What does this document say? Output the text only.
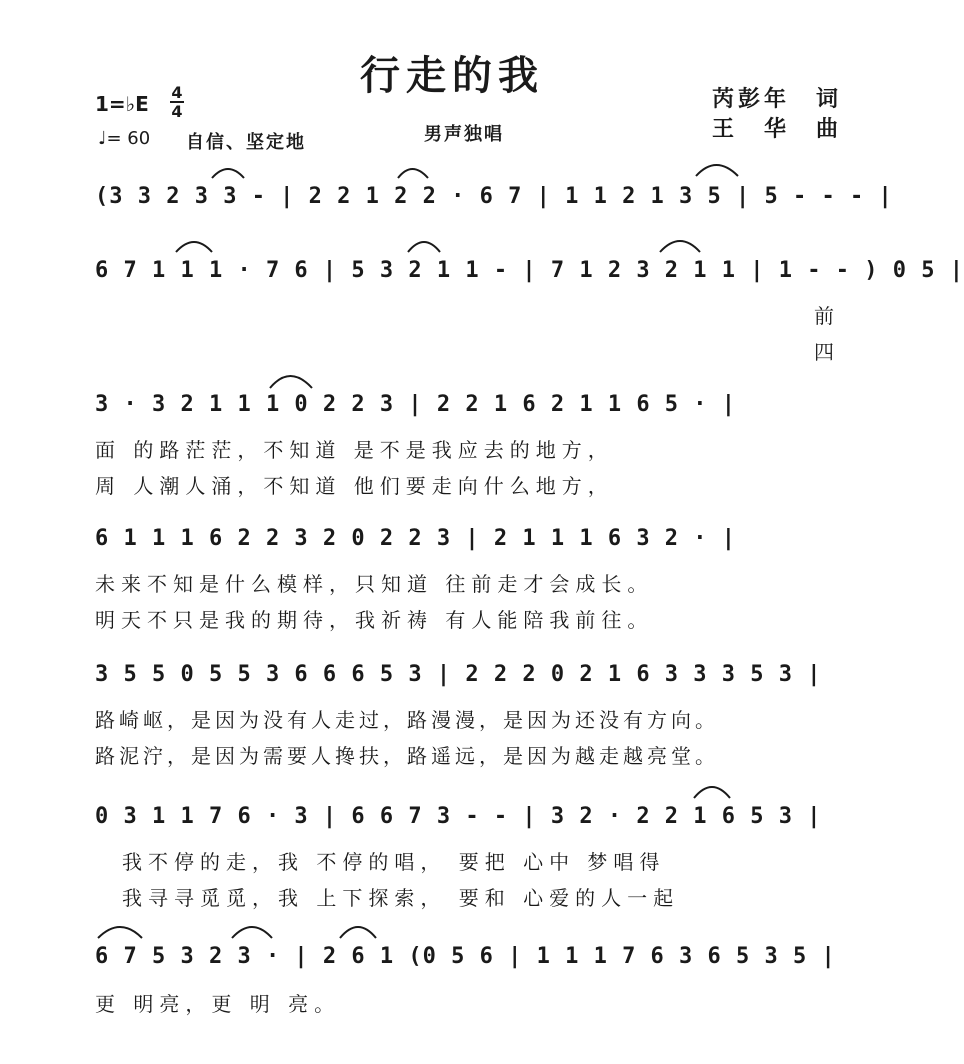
行走的我
1=♭E 4
4
♩= 60 自信、坚定地	男声独唱
芮彭年　词
王　华　曲
(3 3 2 3 3 - | 2 2 1 2 2 · 6 7 | 1 1 2 1 3 5 | 5 - - - |
6 7 1 1 1 · 7 6 | 5 3 2 1 1 - | 7 1 2 3 2 1 1 | 1 - - ) 0 5 |
前
四
3 · 3 2 1 1 1 0 2 2 3 | 2 2 1 6 2 1 1 6 5 · |
面 的路茫茫，不知道 是不是我应去的地方，
周 人潮人涌，不知道 他们要走向什么地方，
6 1 1 1 6 2 2 3 2 0 2 2 3 | 2 1 1 1 6 3 2 · |
未来不知是什么模样，只知道 往前走才会成长。
明天不只是我的期待，我祈祷 有人能陪我前往。
3 5 5 0 5 5 3 6 6 6 5 3 | 2 2 2 0 2 1 6 3 3 3 5 3 |
路崎岖，是因为没有人走过，路漫漫，是因为还没有方向。
路泥泞，是因为需要人搀扶，路遥远，是因为越走越亮堂。
0 3 1 1 7 6 · 3 | 6 6 7 3 - - | 3 2 · 2 2 1 6 5 3 |
我不停的走，我 不停的唱， 要把 心中 梦唱得
我寻寻觅觅，我 上下探索， 要和 心爱的人一起
6 7 5 3 2 3 · | 2 6 1 (0 5 6 | 1 1 1 7 6 3 6 5 3 5 |
更 明亮，更 明 亮。
